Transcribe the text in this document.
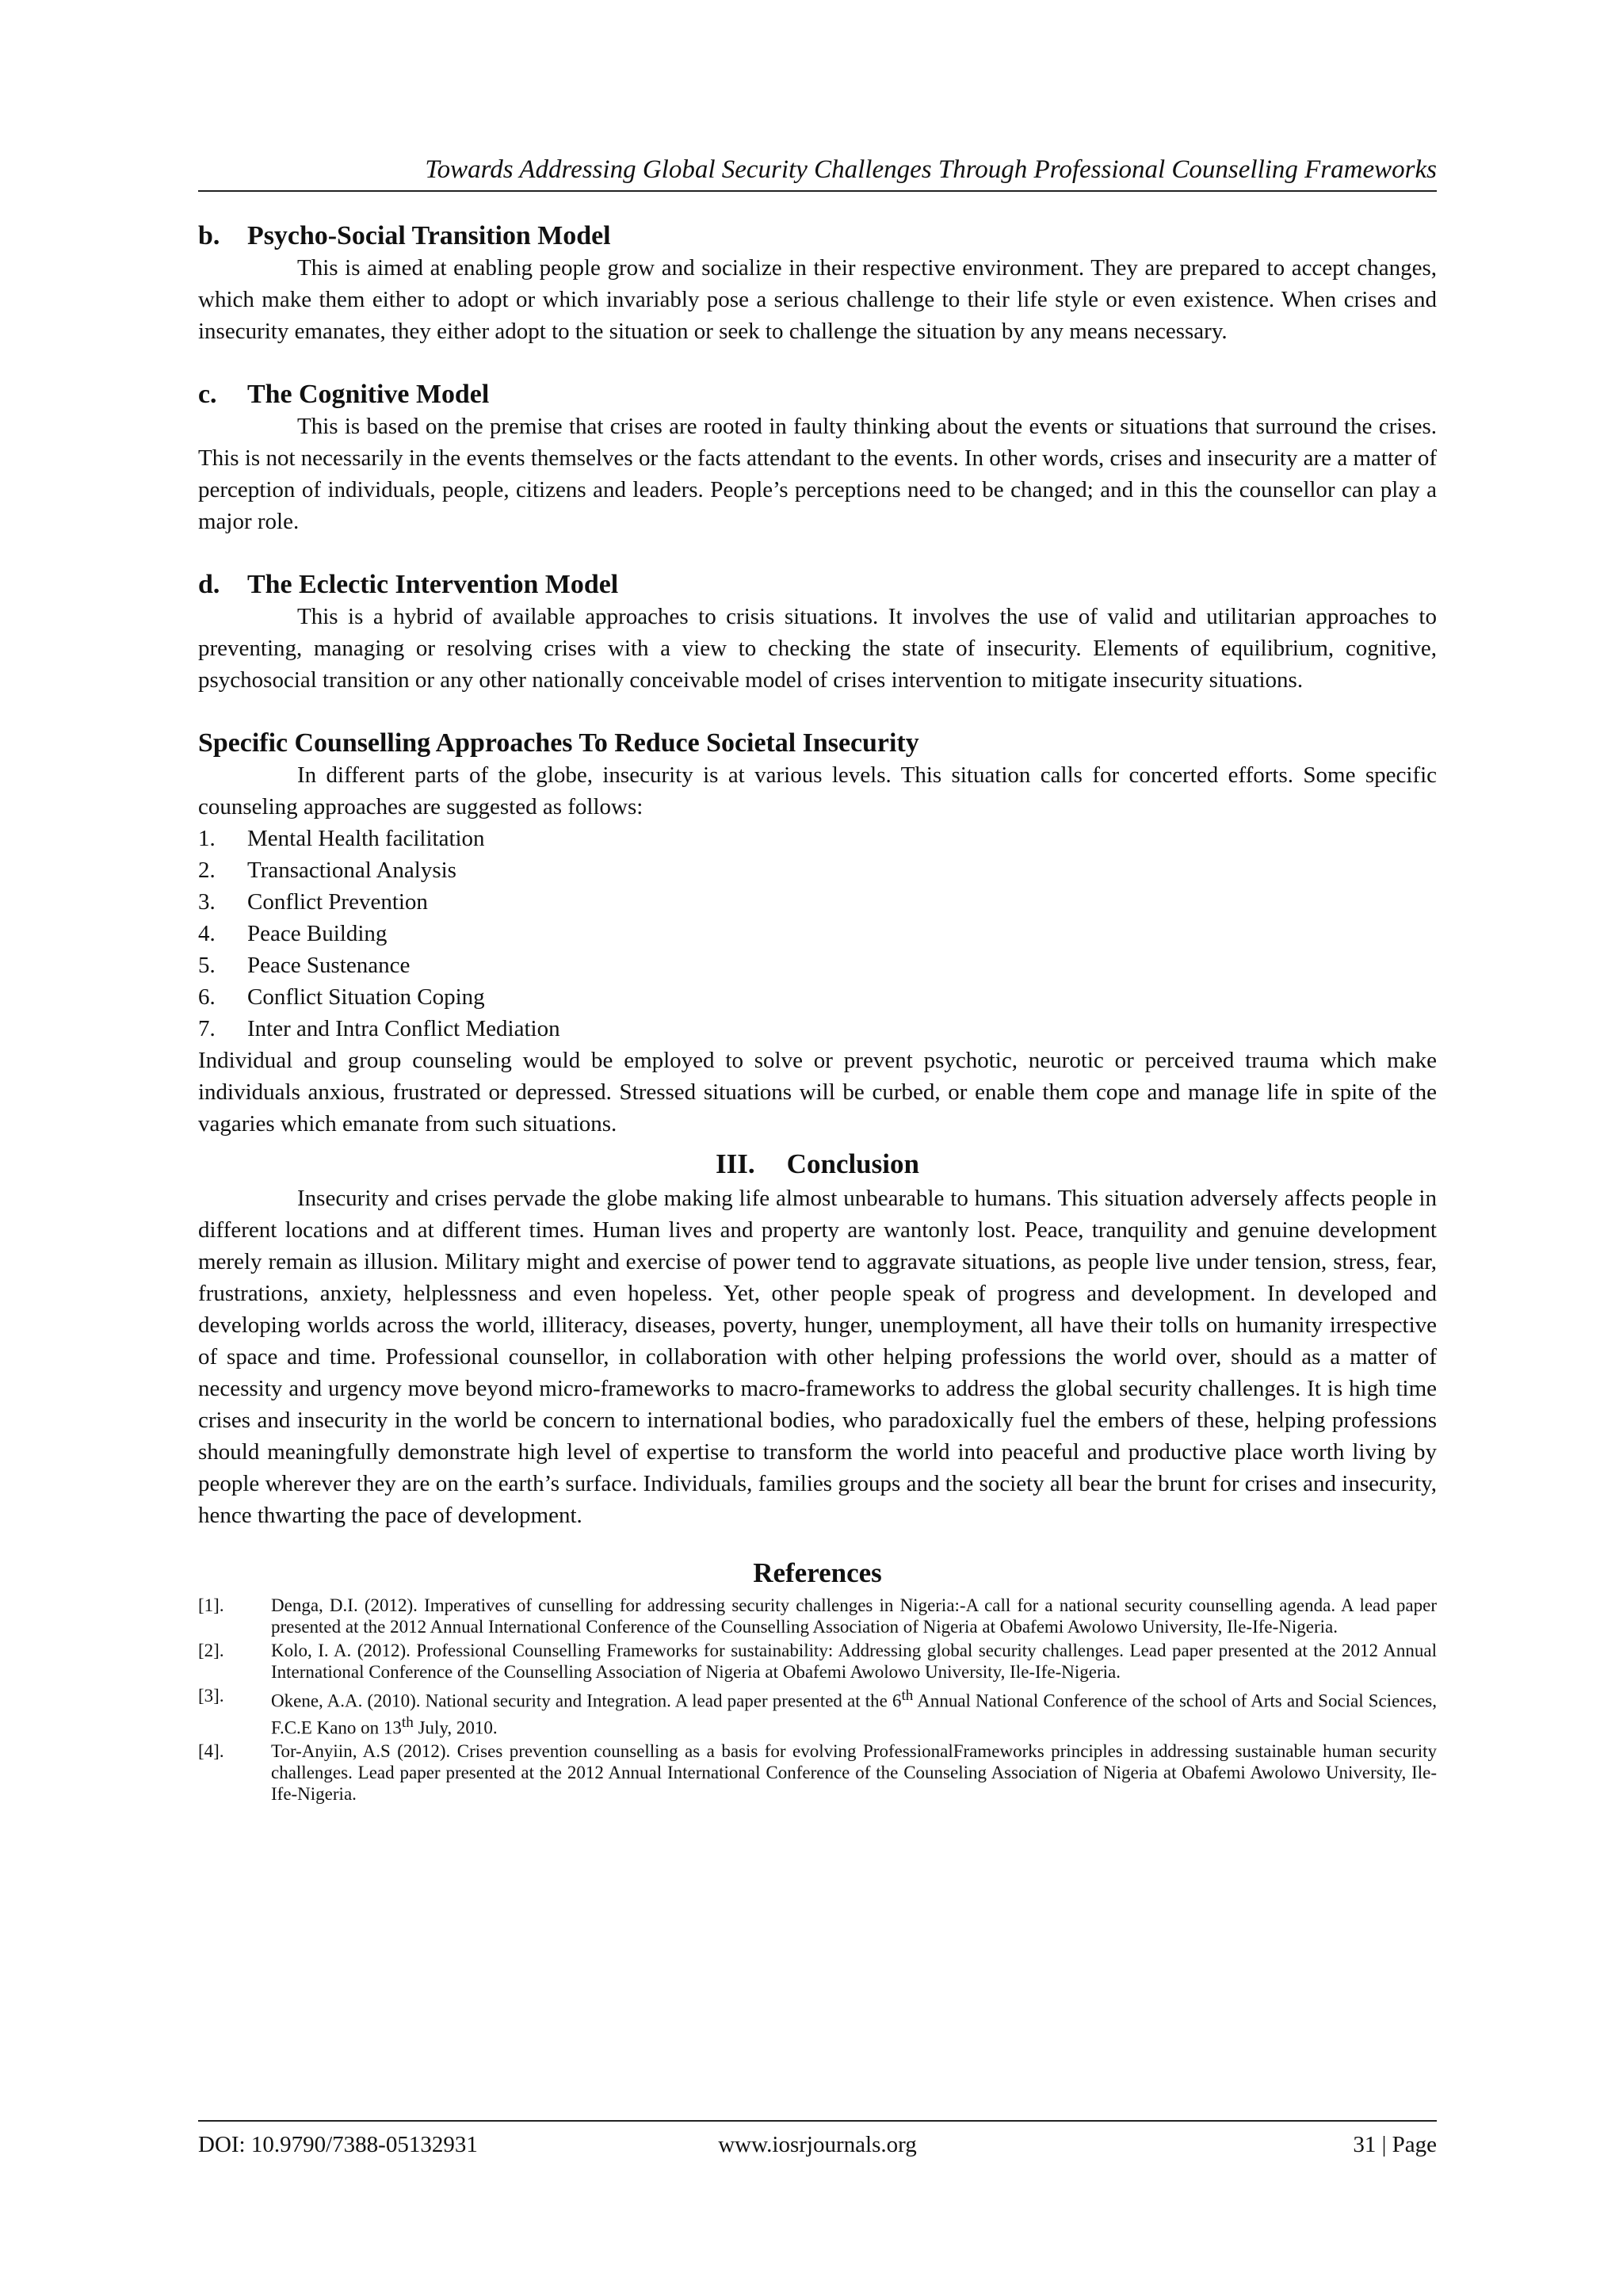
Towards Addressing Global Security Challenges Through Professional Counselling Frameworks
b. Psycho-Social Transition Model

This is aimed at enabling people grow and socialize in their respective environment. They are prepared to accept changes, which make them either to adopt or which invariably pose a serious challenge to their life style or even existence. When crises and insecurity emanates, they either adopt to the situation or seek to challenge the situation by any means necessary.

c. The Cognitive Model

This is based on the premise that crises are rooted in faulty thinking about the events or situations that surround the crises. This is not necessarily in the events themselves or the facts attendant to the events. In other words, crises and insecurity are a matter of perception of individuals, people, citizens and leaders. People’s perceptions need to be changed; and in this the counsellor can play a major role.

d. The Eclectic Intervention Model

This is a hybrid of available approaches to crisis situations. It involves the use of valid and utilitarian approaches to preventing, managing or resolving crises with a view to checking the state of insecurity. Elements of equilibrium, cognitive, psychosocial transition or any other nationally conceivable model of crises intervention to mitigate insecurity situations.

Specific Counselling Approaches To Reduce Societal Insecurity

In different parts of the globe, insecurity is at various levels. This situation calls for concerted efforts. Some specific counseling approaches are suggested as follows:

1.	Mental Health facilitation
2.	Transactional Analysis
3.	Conflict Prevention
4.	Peace Building
5.	Peace Sustenance
6.	Conflict Situation Coping
7.	Inter and Intra Conflict Mediation

Individual and group counseling would be employed to solve or prevent psychotic, neurotic or perceived trauma which make individuals anxious, frustrated or depressed. Stressed situations will be curbed, or enable them cope and manage life in spite of the vagaries which emanate from such situations.

III. Conclusion

Insecurity and crises pervade the globe making life almost unbearable to humans. This situation adversely affects people in different locations and at different times. Human lives and property are wantonly lost. Peace, tranquility and genuine development merely remain as illusion. Military might and exercise of power tend to aggravate situations, as people live under tension, stress, fear, frustrations, anxiety, helplessness and even hopeless. Yet, other people speak of progress and development. In developed and developing worlds across the world, illiteracy, diseases, poverty, hunger, unemployment, all have their tolls on humanity irrespective of space and time. Professional counsellor, in collaboration with other helping professions the world over, should as a matter of necessity and urgency move beyond micro-frameworks to macro-frameworks to address the global security challenges. It is high time crises and insecurity in the world be concern to international bodies, who paradoxically fuel the embers of these, helping professions should meaningfully demonstrate high level of expertise to transform the world into peaceful and productive place worth living by people wherever they are on the earth’s surface. Individuals, families groups and the society all bear the brunt for crises and insecurity, hence thwarting the pace of development.

References
[1].	Denga, D.I. (2012). Imperatives of cunselling for addressing security challenges in Nigeria:-A call for a national security counselling agenda. A lead paper presented at the 2012 Annual International Conference of the Counselling Association of Nigeria at Obafemi Awolowo University, Ile-Ife-Nigeria.
[2].	Kolo, I. A. (2012). Professional Counselling Frameworks for sustainability: Addressing global security challenges. Lead paper presented at the 2012 Annual International Conference of the Counselling Association of Nigeria at Obafemi Awolowo University, Ile-Ife-Nigeria.
[3].	Okene, A.A. (2010). National security and Integration. A lead paper presented at the 6th Annual National Conference of the school of Arts and Social Sciences, F.C.E Kano on 13th July, 2010.
[4].	Tor-Anyiin, A.S (2012). Crises prevention counselling as a basis for evolving ProfessionalFrameworks principles in addressing sustainable human security challenges. Lead paper presented at the 2012 Annual International Conference of the Counseling Association of Nigeria at Obafemi Awolowo University, Ile-Ife-Nigeria.
DOI: 10.9790/7388-05132931	www.iosrjournals.org	31 | Page
